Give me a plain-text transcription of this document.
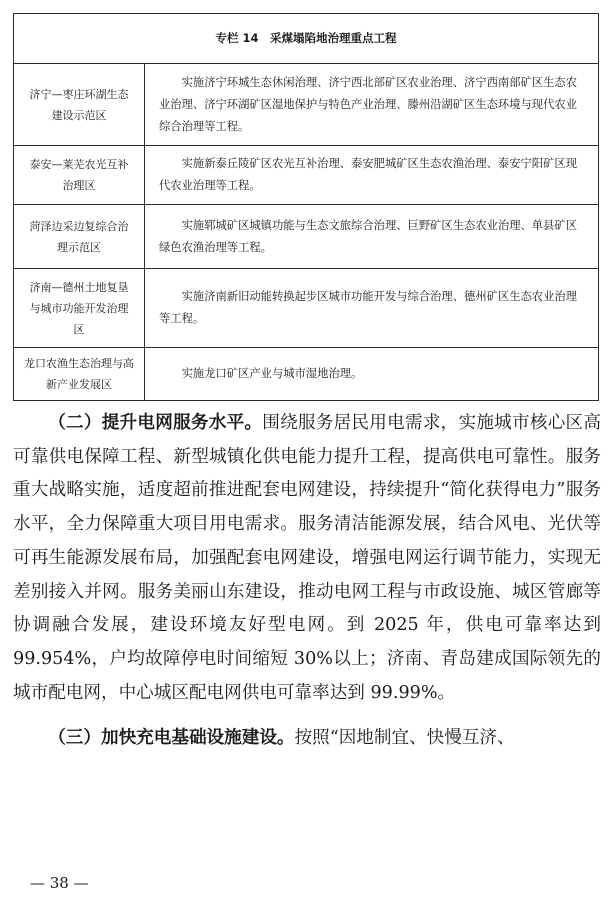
专栏 14　采煤塌陷地治理重点工程
济宁—枣庄环湖生态建设示范区
实施济宁环城生态休闲治理、济宁西北部矿区农业治理、济宁西南部矿区生态农业治理、济宁环湖矿区湿地保护与特色产业治理、滕州沿湖矿区生态环境与现代农业综合治理等工程。
泰安—莱芜农光互补治理区
实施新泰丘陵矿区农光互补治理、泰安肥城矿区生态农渔治理、泰安宁阳矿区现代农业治理等工程。
菏泽边采边复综合治理示范区
实施郓城矿区城镇功能与生态文旅综合治理、巨野矿区生态农业治理、单县矿区绿色农渔治理等工程。
济南—德州土地复垦与城市功能开发治理区
实施济南新旧动能转换起步区城市功能开发与综合治理、德州矿区生态农业治理等工程。
龙口农渔生态治理与高新产业发展区
实施龙口矿区产业与城市湿地治理。

（二）提升电网服务水平。围绕服务居民用电需求，实施城市核心区高可靠供电保障工程、新型城镇化供电能力提升工程，提高供电可靠性。服务重大战略实施，适度超前推进配套电网建设，持续提升“简化获得电力”服务水平，全力保障重大项目用电需求。服务清洁能源发展，结合风电、光伏等可再生能源发展布局，加强配套电网建设，增强电网运行调节能力，实现无差别接入并网。服务美丽山东建设，推动电网工程与市政设施、城区管廊等协调融合发展，建设环境友好型电网。到 2025 年，供电可靠率达到 99.954%，户均故障停电时间缩短 30%以上；济南、青岛建成国际领先的城市配电网，中心城区配电网供电可靠率达到 99.99%。

（三）加快充电基础设施建设。按照“因地制宜、快慢互济、

— 38 —
